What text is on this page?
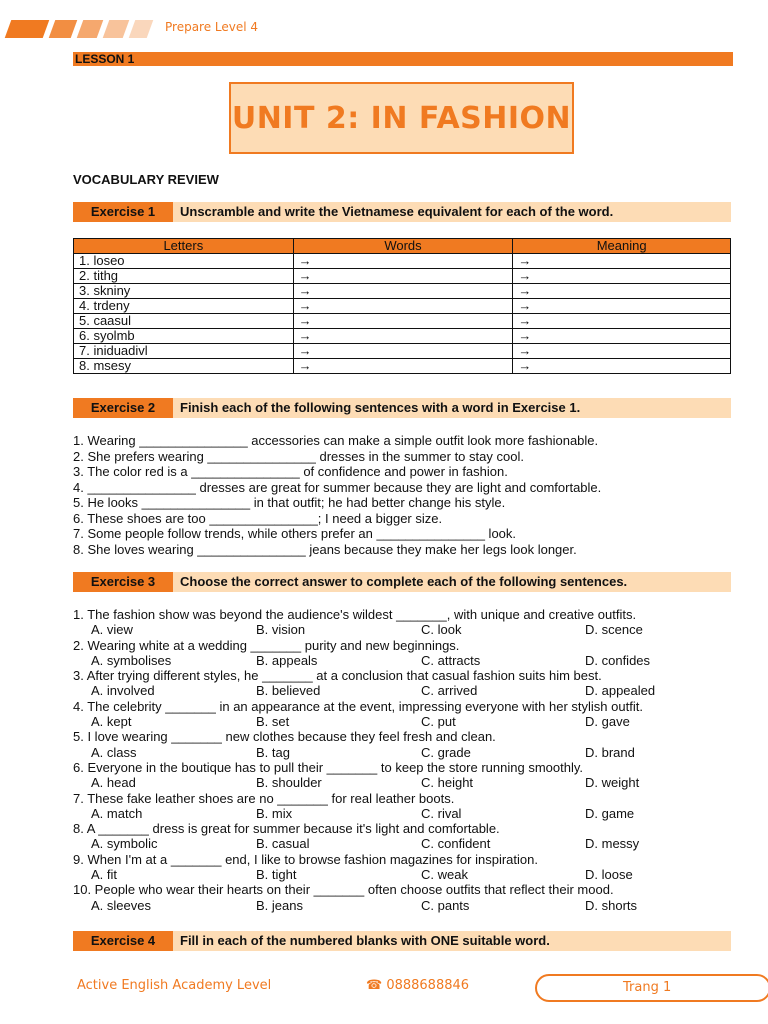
Prepare Level 4
LESSON 1
UNIT 2: IN FASHION
VOCABULARY REVIEW
Exercise 1	Unscramble and write the Vietnamese equivalent for each of the word.
Letters	Words	Meaning
1. loseo	→	→
2. tithg	→	→
3. skniny	→	→
4. trdeny	→	→
5. caasul	→	→
6. syolmb	→	→
7. iniduadivl	→	→
8. msesy	→	→
Exercise 2	Finish each of the following sentences with a word in Exercise 1.
1. Wearing _______________ accessories can make a simple outfit look more fashionable.
2. She prefers wearing _______________ dresses in the summer to stay cool.
3. The color red is a _______________ of confidence and power in fashion.
4. _______________ dresses are great for summer because they are light and comfortable.
5. He looks _______________ in that outfit; he had better change his style.
6. These shoes are too _______________; I need a bigger size.
7. Some people follow trends, while others prefer an _______________ look.
8. She loves wearing _______________ jeans because they make her legs look longer.
Exercise 3	Choose the correct answer to complete each of the following sentences.
1. The fashion show was beyond the audience's wildest _______, with unique and creative outfits.
A. view	B. vision	C. look	D. scence
2. Wearing white at a wedding _______ purity and new beginnings.
A. symbolises	B. appeals	C. attracts	D. confides
3. After trying different styles, he _______ at a conclusion that casual fashion suits him best.
A. involved	B. believed	C. arrived	D. appealed
4. The celebrity _______ in an appearance at the event, impressing everyone with her stylish outfit.
A. kept	B. set	C. put	D. gave
5. I love wearing _______ new clothes because they feel fresh and clean.
A. class	B. tag	C. grade	D. brand
6. Everyone in the boutique has to pull their _______ to keep the store running smoothly.
A. head	B. shoulder	C. height	D. weight
7. These fake leather shoes are no _______ for real leather boots.
A. match	B. mix	C. rival	D. game
8. A _______ dress is great for summer because it's light and comfortable.
A. symbolic	B. casual	C. confident	D. messy
9. When I'm at a _______ end, I like to browse fashion magazines for inspiration.
A. fit	B. tight	C. weak	D. loose
10. People who wear their hearts on their _______ often choose outfits that reflect their mood.
A. sleeves	B. jeans	C. pants	D. shorts
Exercise 4	Fill in each of the numbered blanks with ONE suitable word.
Active English Academy Level	☎ 0888688846	Trang 1
